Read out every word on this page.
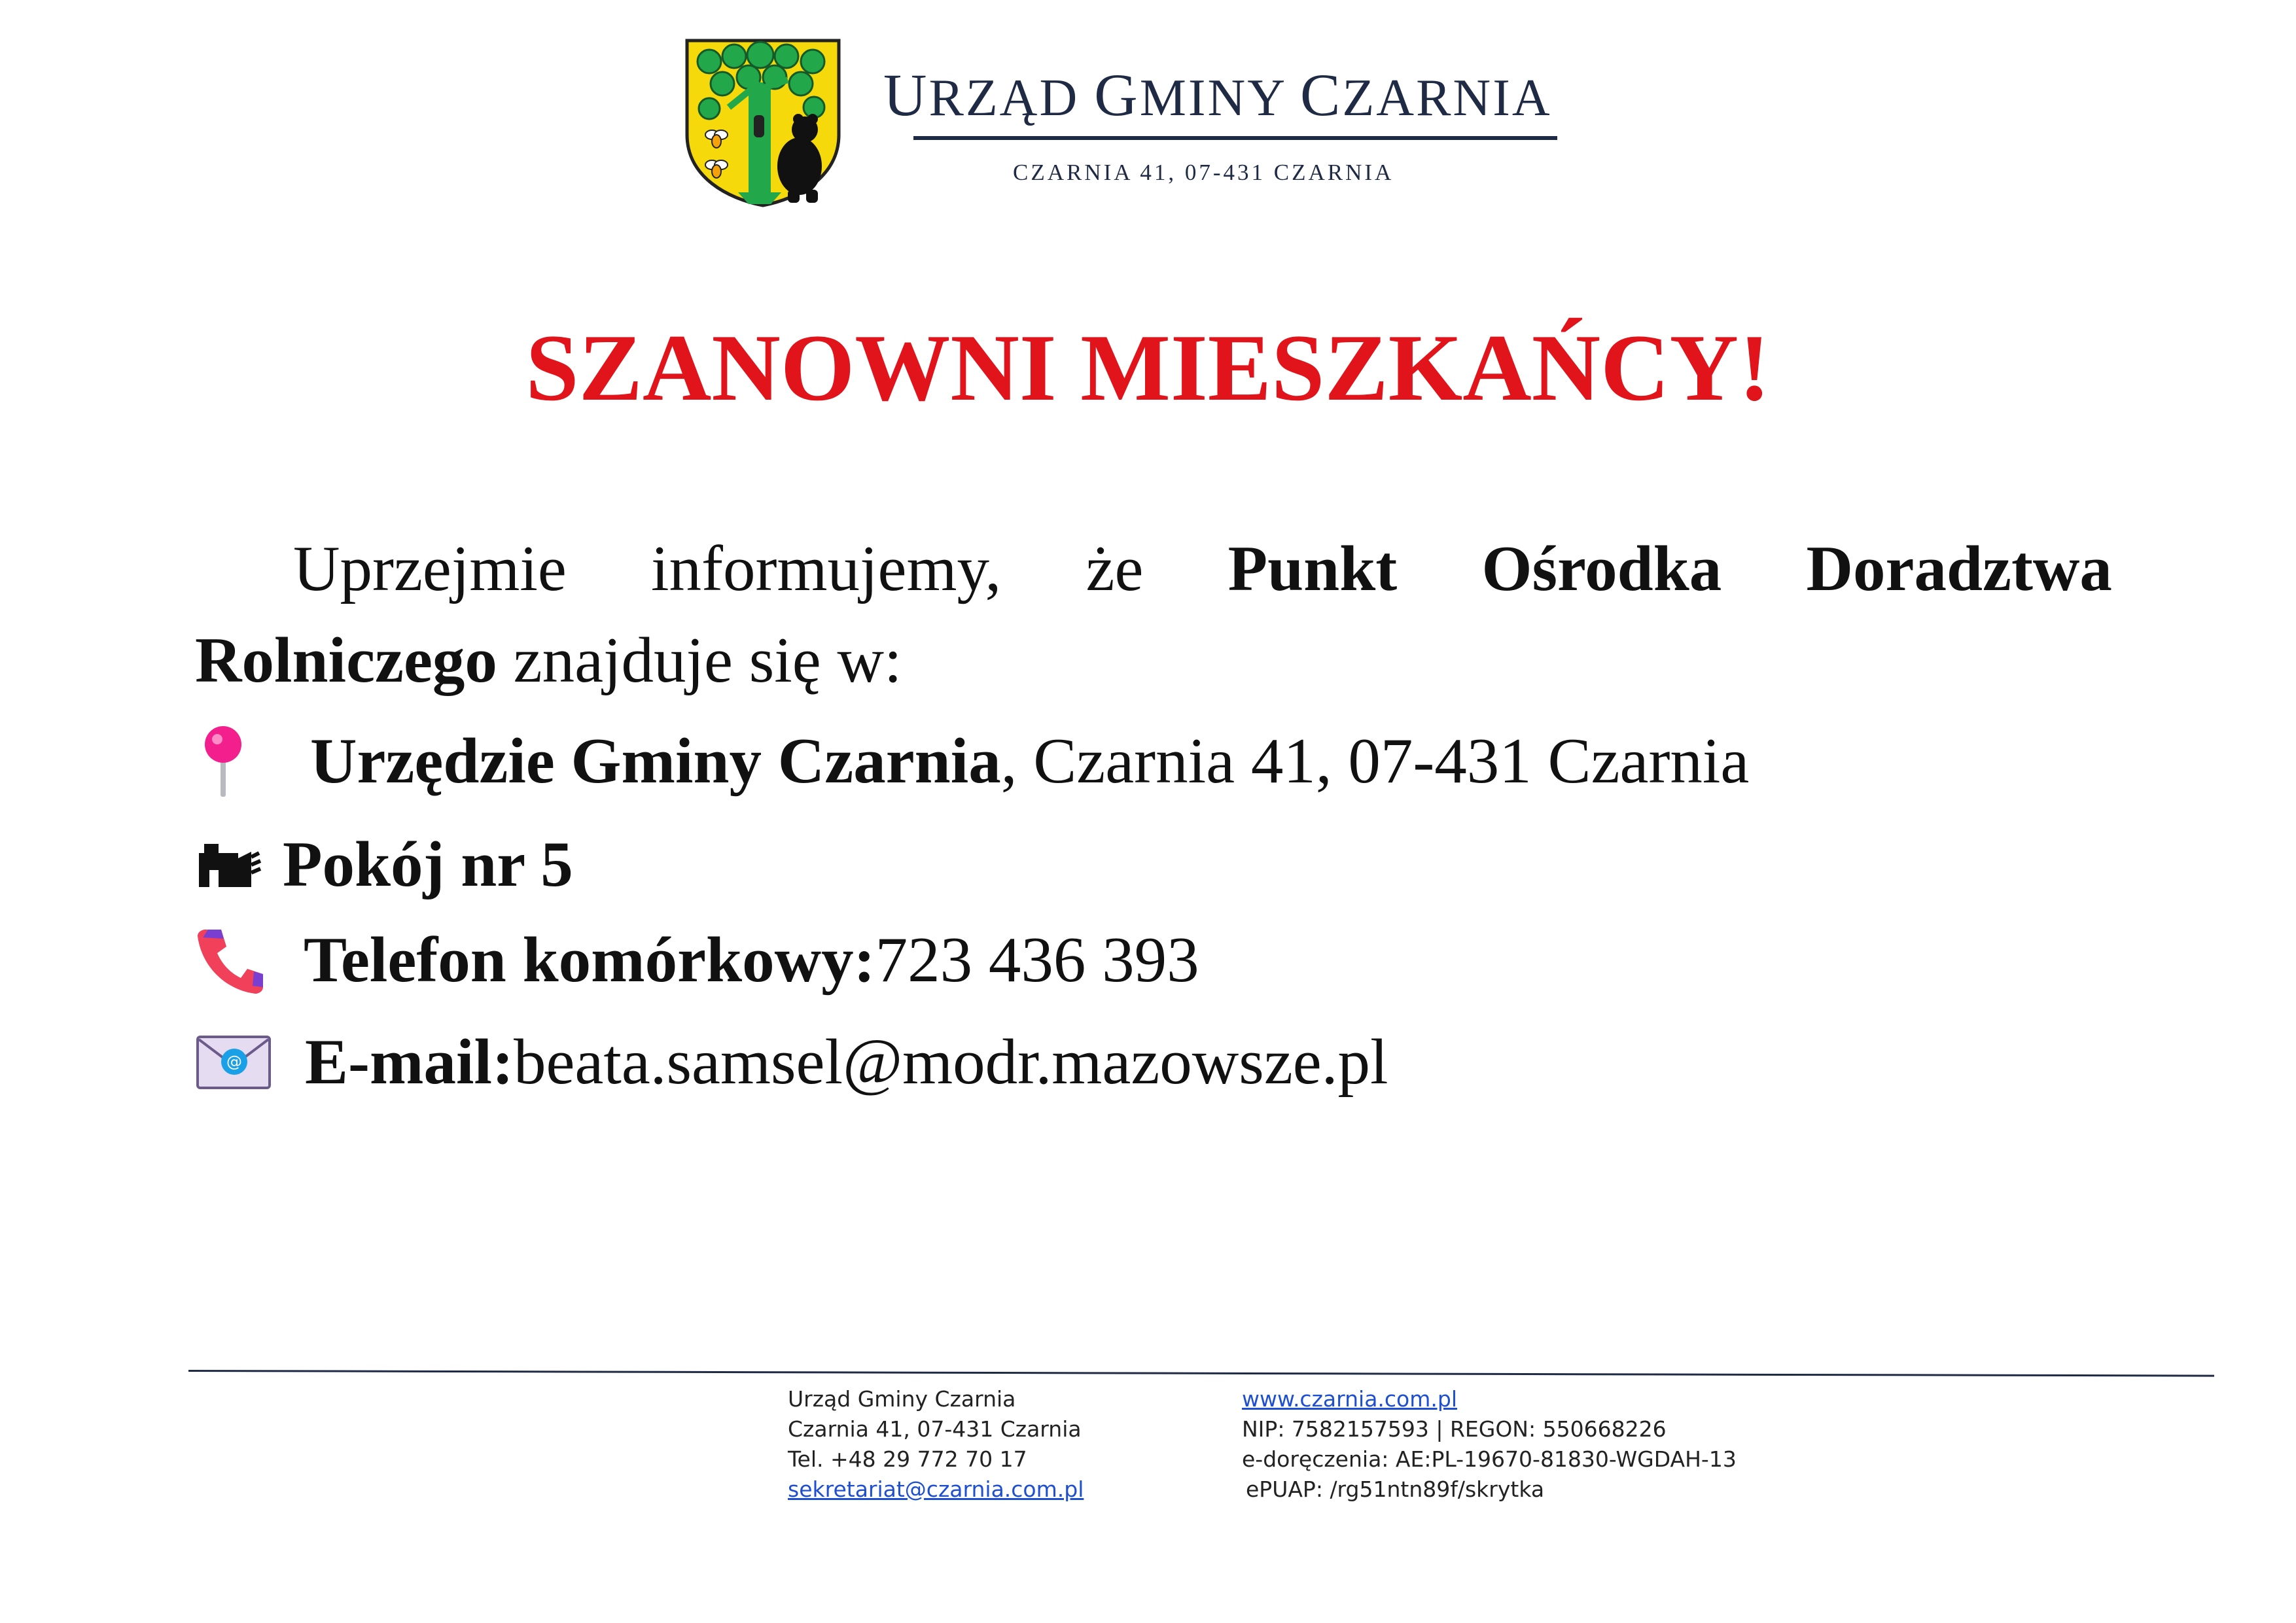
URZĄD GMINY CZARNIA
CZARNIA 41, 07-431 CZARNIA
SZANOWNI MIESZKAŃCY!
Uprzejmie informujemy, że Punkt Ośrodka Doradztwa
Rolniczego znajduje się w:
Urzędzie Gminy Czarnia , Czarnia 41, 07-431 Czarnia
Pokój nr 5
Telefon komórkowy: 723 436 393
@ E-mail: beata.samsel@modr.mazowsze.pl
Urząd Gminy Czarnia
Czarnia 41, 07-431 Czarnia
Tel. +48 29 772 70 17
sekretariat@czarnia.com.pl
www.czarnia.com.pl
NIP: 7582157593 | REGON: 550668226
e-doręczenia: AE:PL-19670-81830-WGDAH-13
ePUAP: /rg51ntn89f/skrytka
